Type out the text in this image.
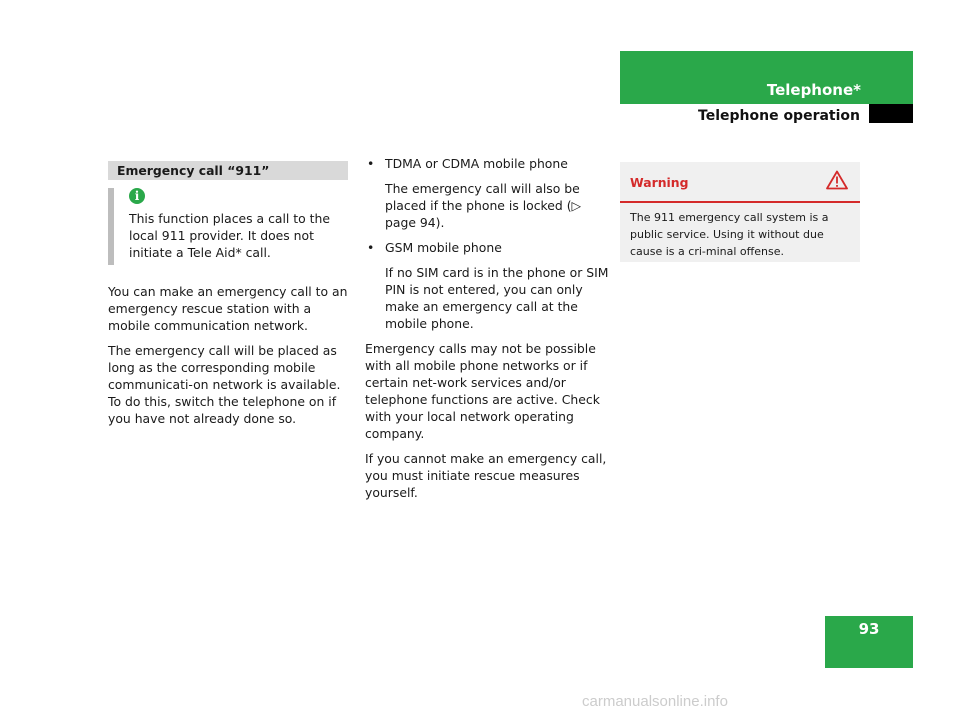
Telephone*
Telephone operation
Emergency call “911”
i
This function places a call to the local 911 provider. It does not initiate a Tele Aid* call.

You can make an emergency call to an emergency rescue station with a mobile communication network.

The emergency call will be placed as long as the corresponding mobile communicati-on network is available. To do this, switch the telephone on if you have not already done so.

• TDMA or CDMA mobile phone
The emergency call will also be placed if the phone is locked (▷ page 94).
• GSM mobile phone
If no SIM card is in the phone or SIM PIN is not entered, you can only make an emergency call at the mobile phone.

Emergency calls may not be possible with all mobile phone networks or if certain net-work services and/or telephone functions are active. Check with your local network operating company.

If you cannot make an emergency call, you must initiate rescue measures yourself.

Warning
The 911 emergency call system is a public service. Using it without due cause is a cri-minal offense.
93
carmanualsonline.info
